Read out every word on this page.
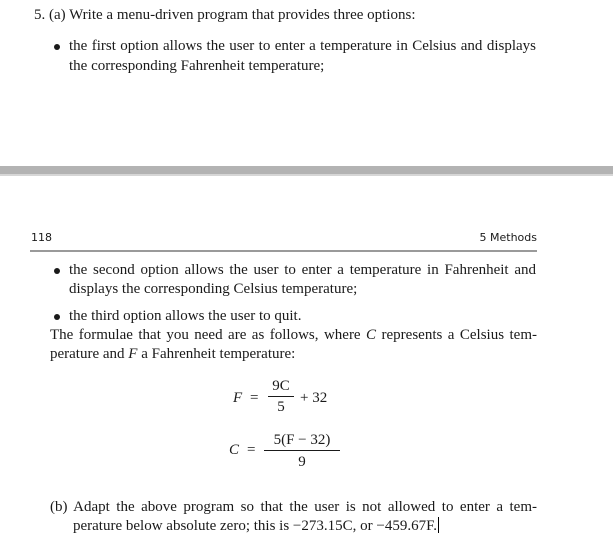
5. (a) Write a menu-driven program that provides three options:
the first option allows the user to enter a temperature in Celsius and displays
the corresponding Fahrenheit temperature;
118	5 Methods
the second option allows the user to enter a temperature in Fahrenheit and
displays the corresponding Celsius temperature;
the third option allows the user to quit.
The formulae that you need are as follows, where C represents a Celsius tem-
perature and F a Fahrenheit temperature:
F =
9C
5
+ 32
C =
5(F − 32)
9
(b) Adapt the above program so that the user is not allowed to enter a tem-
perature below absolute zero; this is −273.15C, or −459.67F.
